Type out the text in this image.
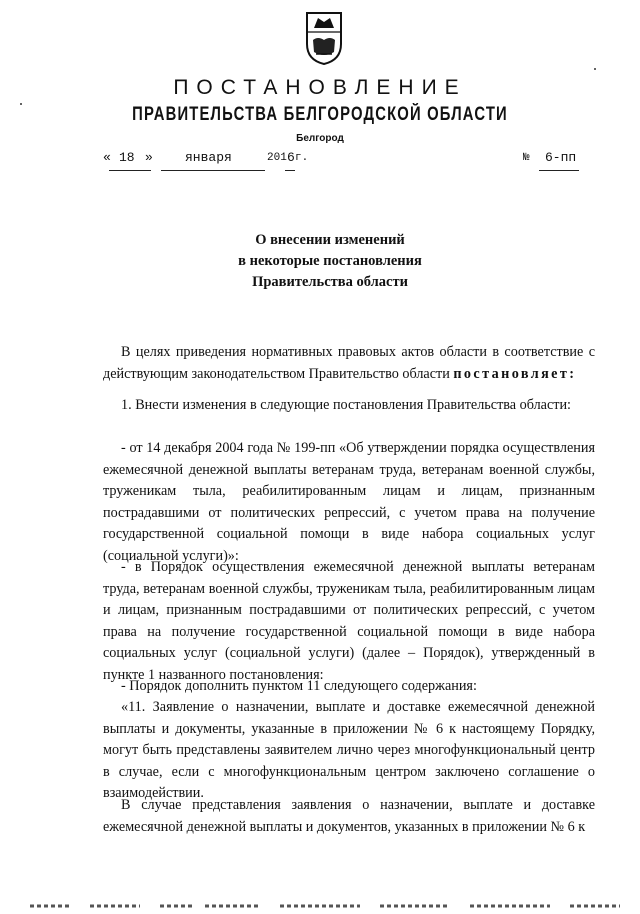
ПОСТАНОВЛЕНИЕ
ПРАВИТЕЛЬСТВА БЕЛГОРОДСКОЙ ОБЛАСТИ
Белгород
« 18 » января	201 6 г.	№ 6-пп
О внесении изменений
в некоторые постановления
Правительства области
В целях приведения нормативных правовых актов области в соответствие с действующим законодательством Правительство области постановляет:
1. Внести изменения в следующие постановления Правительства области:
- от 14 декабря 2004 года № 199-пп «Об утверждении порядка осуществления ежемесячной денежной выплаты ветеранам труда, ветеранам военной службы, труженикам тыла, реабилитированным лицам и лицам, признанным пострадавшими от политических репрессий, с учетом права на получение государственной социальной помощи в виде набора социальных услуг (социальной услуги)»:
- в Порядок осуществления ежемесячной денежной выплаты ветеранам труда, ветеранам военной службы, труженикам тыла, реабилитированным лицам и лицам, признанным пострадавшими от политических репрессий, с учетом права на получение государственной социальной помощи в виде набора социальных услуг (социальной услуги) (далее – Порядок), утвержденный в пункте 1 названного постановления:
- Порядок дополнить пунктом 11 следующего содержания:
«11. Заявление о назначении, выплате и доставке ежемесячной денежной выплаты и документы, указанные в приложении № 6 к настоящему Порядку, могут быть представлены заявителем лично через многофункциональный центр в случае, если с многофункциональным центром заключено соглашение о взаимодействии.
В случае представления заявления о назначении, выплате и доставке ежемесячной денежной выплаты и документов, указанных в приложении № 6 к
